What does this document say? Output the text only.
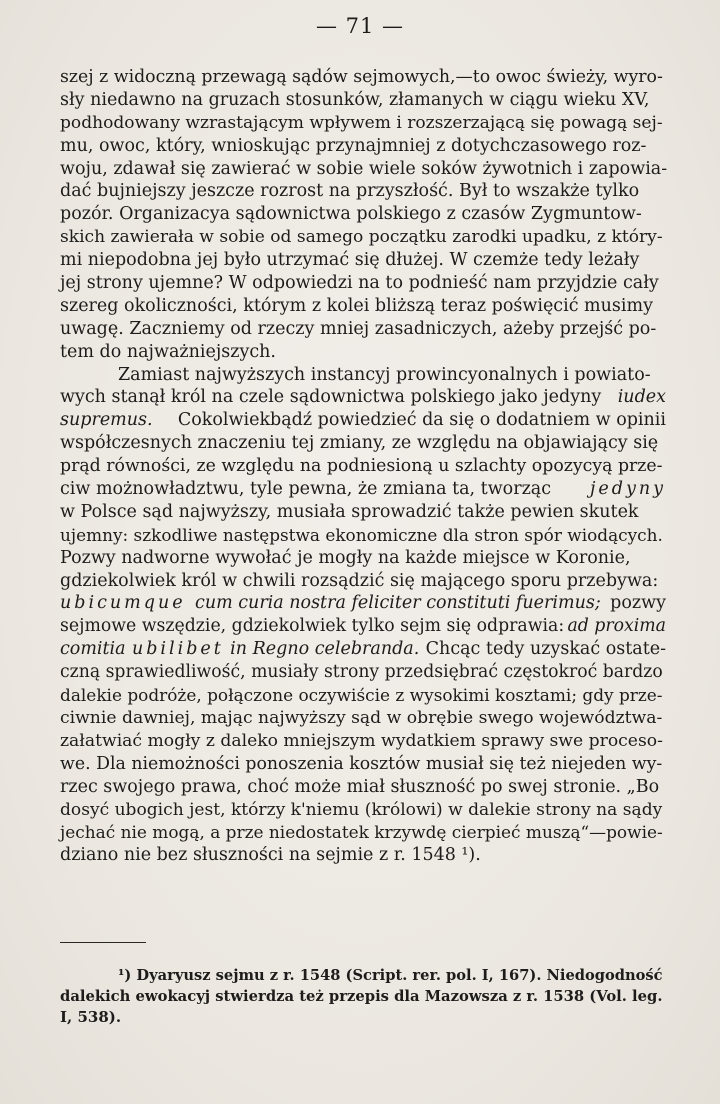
— 71 —
szej z widoczną przewagą sądów sejmowych,—to owoc świeży, wyro-
sły niedawno na gruzach stosunków, złamanych w ciągu wieku XV,
podhodowany wzrastającym wpływem i rozszerzającą się powagą sej-
mu, owoc, który, wnioskując przynajmniej z dotychczasowego roz-
woju, zdawał się zawierać w sobie wiele soków żywotnich i zapowia-
dać bujniejszy jeszcze rozrost na przyszłość. Był to wszakże tylko
pozór. Organizacya sądownictwa polskiego z czasów Zygmuntow-
skich zawierała w sobie od samego początku zarodki upadku, z który-
mi niepodobna jej było utrzymać się dłużej. W czemże tedy leżały
jej strony ujemne? W odpowiedzi na to podnieść nam przyjdzie cały
szereg okoliczności, którym z kolei bliższą teraz poświęcić musimy
uwagę. Zaczniemy od rzeczy mniej zasadniczych, ażeby przejść po-
tem do najważniejszych.
Zamiast najwyższych instancyj prowincyonalnych i powiato-
wych stanął król na czele sądownictwa polskiego jako jedyny iudex
supremus. Cokolwiekbądź powiedzieć da się o dodatniem w opinii
współczesnych znaczeniu tej zmiany, ze względu na objawiający się
prąd równości, ze względu na podniesioną u szlachty opozycyą prze-
ciw możnowładztwu, tyle pewna, że zmiana ta, tworząc jedyny
w Polsce sąd najwyższy, musiała sprowadzić także pewien skutek
ujemny: szkodliwe następstwa ekonomiczne dla stron spór wiodących.
Pozwy nadworne wywołać je mogły na każde miejsce w Koronie,
gdziekolwiek król w chwili rozsądzić się mającego sporu przebywa:
ubicumque cum curia nostra feliciter constituti fuerimus; pozwy
sejmowe wszędzie, gdziekolwiek tylko sejm się odprawia: ad proxima
comitia ubilibet in Regno celebranda. Chcąc tedy uzyskać ostate-
czną sprawiedliwość, musiały strony przedsiębrać częstokroć bardzo
dalekie podróże, połączone oczywiście z wysokimi kosztami; gdy prze-
ciwnie dawniej, mając najwyższy sąd w obrębie swego województwa-
załatwiać mogły z daleko mniejszym wydatkiem sprawy swe proceso-
we. Dla niemożności ponoszenia kosztów musiał się też niejeden wy-
rzec swojego prawa, choć może miał słuszność po swej stronie. „Bo
dosyć ubogich jest, którzy k'niemu (królowi) w dalekie strony na sądy
jechać nie mogą, a prze niedostatek krzywdę cierpieć muszą“—powie-
dziano nie bez słuszności na sejmie z r. 1548 ¹).
¹) Dyaryusz sejmu z r. 1548 (Script. rer. pol. I, 167). Niedogodność
dalekich ewokacyj stwierdza też przepis dla Mazowsza z r. 1538 (Vol. leg.
I, 538).
